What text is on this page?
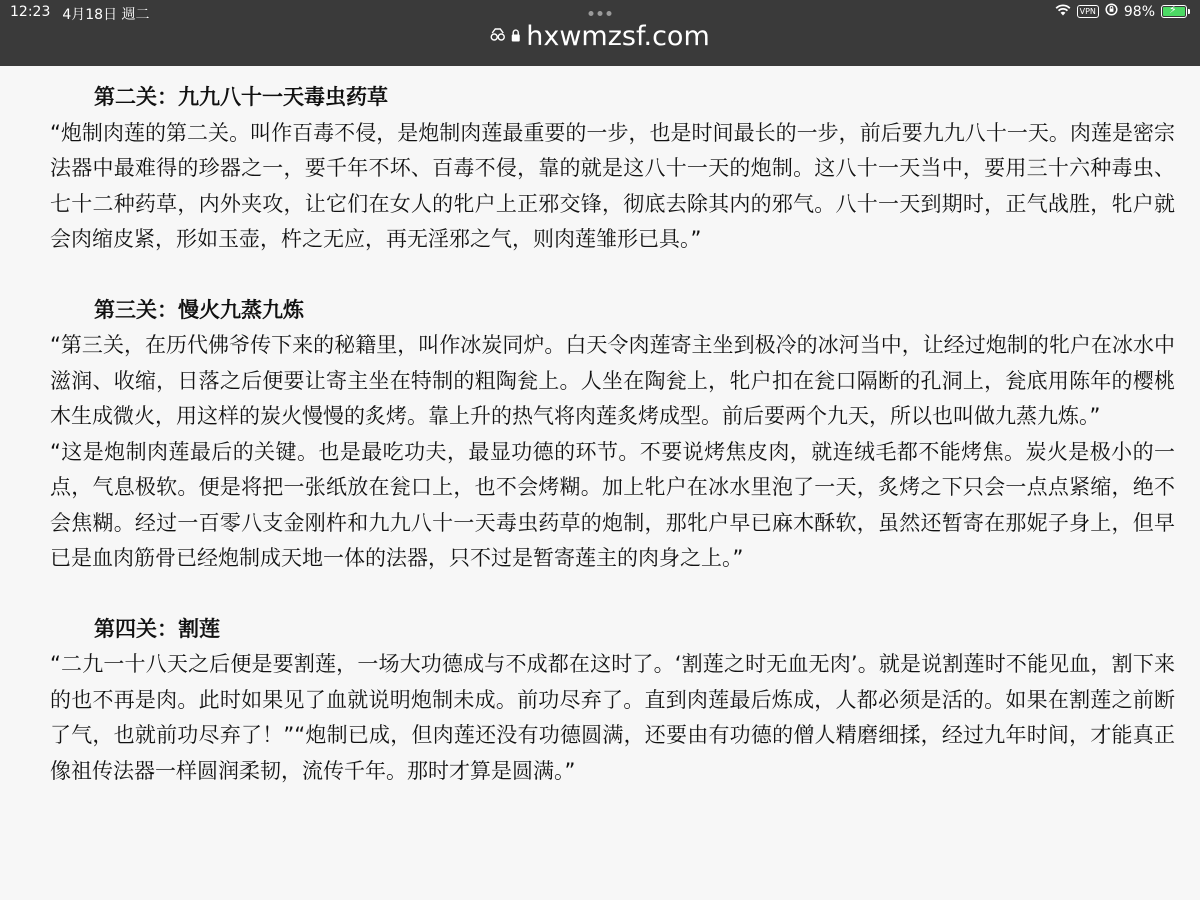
12:23 4月18日 週二	VPN 98% ⚡
hxwmzsf.com
第二关：九九八十一天毒虫药草

“炮制肉莲的第二关。叫作百毒不侵，是炮制肉莲最重要的一步，也是时间最长的一步，前后要九九八十一天。肉莲是密宗法器中最难得的珍器之一，要千年不坏、百毒不侵，靠的就是这八十一天的炮制。这八十一天当中，要用三十六种毒虫、七十二种药草，内外夹攻，让它们在女人的牝户上正邪交锋，彻底去除其内的邪气。八十一天到期时，正气战胜，牝户就会肉缩皮紧，形如玉壶，杵之无应，再无淫邪之气，则肉莲雏形已具。”

第三关：慢火九蒸九炼

“第三关，在历代佛爷传下来的秘籍里，叫作冰炭同炉。白天令肉莲寄主坐到极冷的冰河当中，让经过炮制的牝户在冰水中滋润、收缩，日落之后便要让寄主坐在特制的粗陶瓮上。人坐在陶瓮上，牝户扣在瓮口隔断的孔洞上，瓮底用陈年的樱桃木生成微火，用这样的炭火慢慢的炙烤。靠上升的热气将肉莲炙烤成型。前后要两个九天，所以也叫做九蒸九炼。”

“这是炮制肉莲最后的关键。也是最吃功夫，最显功德的环节。不要说烤焦皮肉，就连绒毛都不能烤焦。炭火是极小的一点，气息极软。便是将把一张纸放在瓮口上，也不会烤糊。加上牝户在冰水里泡了一天，炙烤之下只会一点点紧缩，绝不会焦糊。经过一百零八支金刚杵和九九八十一天毒虫药草的炮制，那牝户早已麻木酥软，虽然还暂寄在那妮子身上，但早已是血肉筋骨已经炮制成天地一体的法器，只不过是暂寄莲主的肉身之上。”

第四关：割莲

“二九一十八天之后便是要割莲，一场大功德成与不成都在这时了。‘割莲之时无血无肉’。就是说割莲时不能见血，割下来的也不再是肉。此时如果见了血就说明炮制未成。前功尽弃了。直到肉莲最后炼成，人都必须是活的。如果在割莲之前断了气，也就前功尽弃了！”“炮制已成，但肉莲还没有功德圆满，还要由有功德的僧人精磨细揉，经过九年时间，才能真正像祖传法器一样圆润柔韧，流传千年。那时才算是圆满。”
